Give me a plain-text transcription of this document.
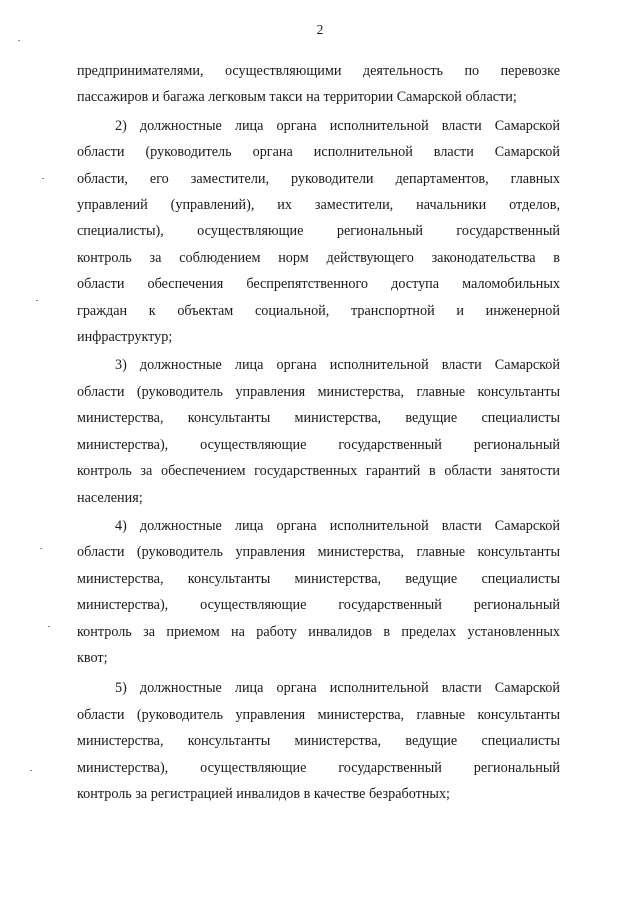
2

предпринимателями, осуществляющими деятельность по перевозке
пассажиров и багажа легковым такси на территории Самарской области;

2) должностные лица органа исполнительной власти Самарской
области (руководитель органа исполнительной власти Самарской
области, его заместители, руководители департаментов, главных
управлений (управлений), их заместители, начальники отделов,
специалисты), осуществляющие региональный государственный
контроль за соблюдением норм действующего законодательства в
области обеспечения беспрепятственного доступа маломобильных
граждан к объектам социальной, транспортной и инженерной
инфраструктур;

3) должностные лица органа исполнительной власти Самарской
области (руководитель управления министерства, главные консультанты
министерства, консультанты министерства, ведущие специалисты
министерства), осуществляющие государственный региональный
контроль за обеспечением государственных гарантий в области занятости
населения;

4) должностные лица органа исполнительной власти Самарской
области (руководитель управления министерства, главные консультанты
министерства, консультанты министерства, ведущие специалисты
министерства), осуществляющие государственный региональный
контроль за приемом на работу инвалидов в пределах установленных
квот;

5) должностные лица органа исполнительной власти Самарской
области (руководитель управления министерства, главные консультанты
министерства, консультанты министерства, ведущие специалисты
министерства), осуществляющие государственный региональный
контроль за регистрацией инвалидов в качестве безработных;
